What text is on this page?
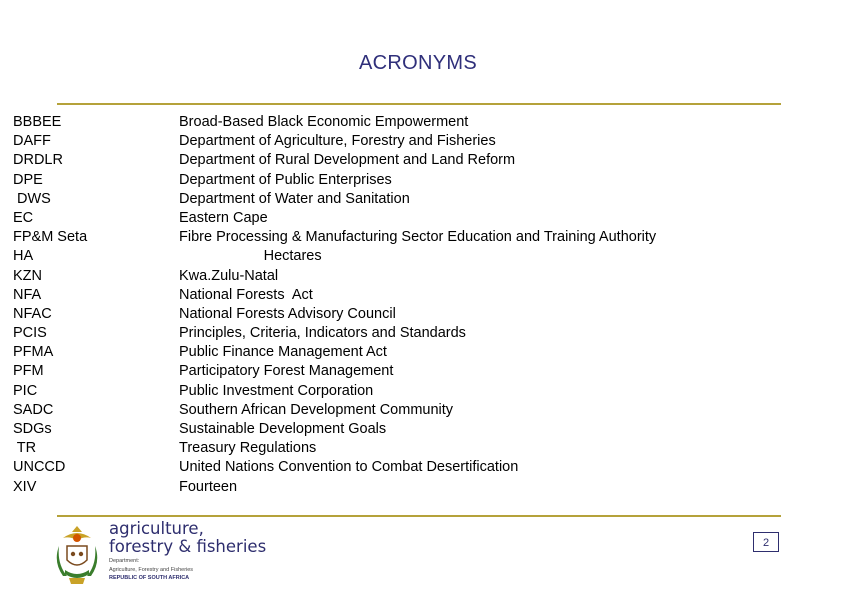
ACRONYMS
BBBEE	Broad-Based Black Economic Empowerment
DAFF	Department of Agriculture, Forestry and Fisheries
DRDLR	Department of Rural Development and Land Reform
DPE	Department of Public Enterprises
DWS	Department of Water and Sanitation
EC	Eastern Cape
FP&M Seta	Fibre Processing & Manufacturing Sector Education and Training Authority
HA	Hectares
KZN	Kwa.Zulu-Natal
NFA	National Forests  Act
NFAC	National Forests Advisory Council
PCIS	Principles, Criteria, Indicators and Standards
PFMA	Public Finance Management Act
PFM	Participatory Forest Management
PIC	Public Investment Corporation
SADC	Southern African Development Community
SDGs	Sustainable Development Goals
TR	Treasury Regulations
UNCCD	United Nations Convention to Combat Desertification
XIV	Fourteen
agriculture,
forestry & fisheries
Department:
Agriculture, Forestry and Fisheries
REPUBLIC OF SOUTH AFRICA
2
